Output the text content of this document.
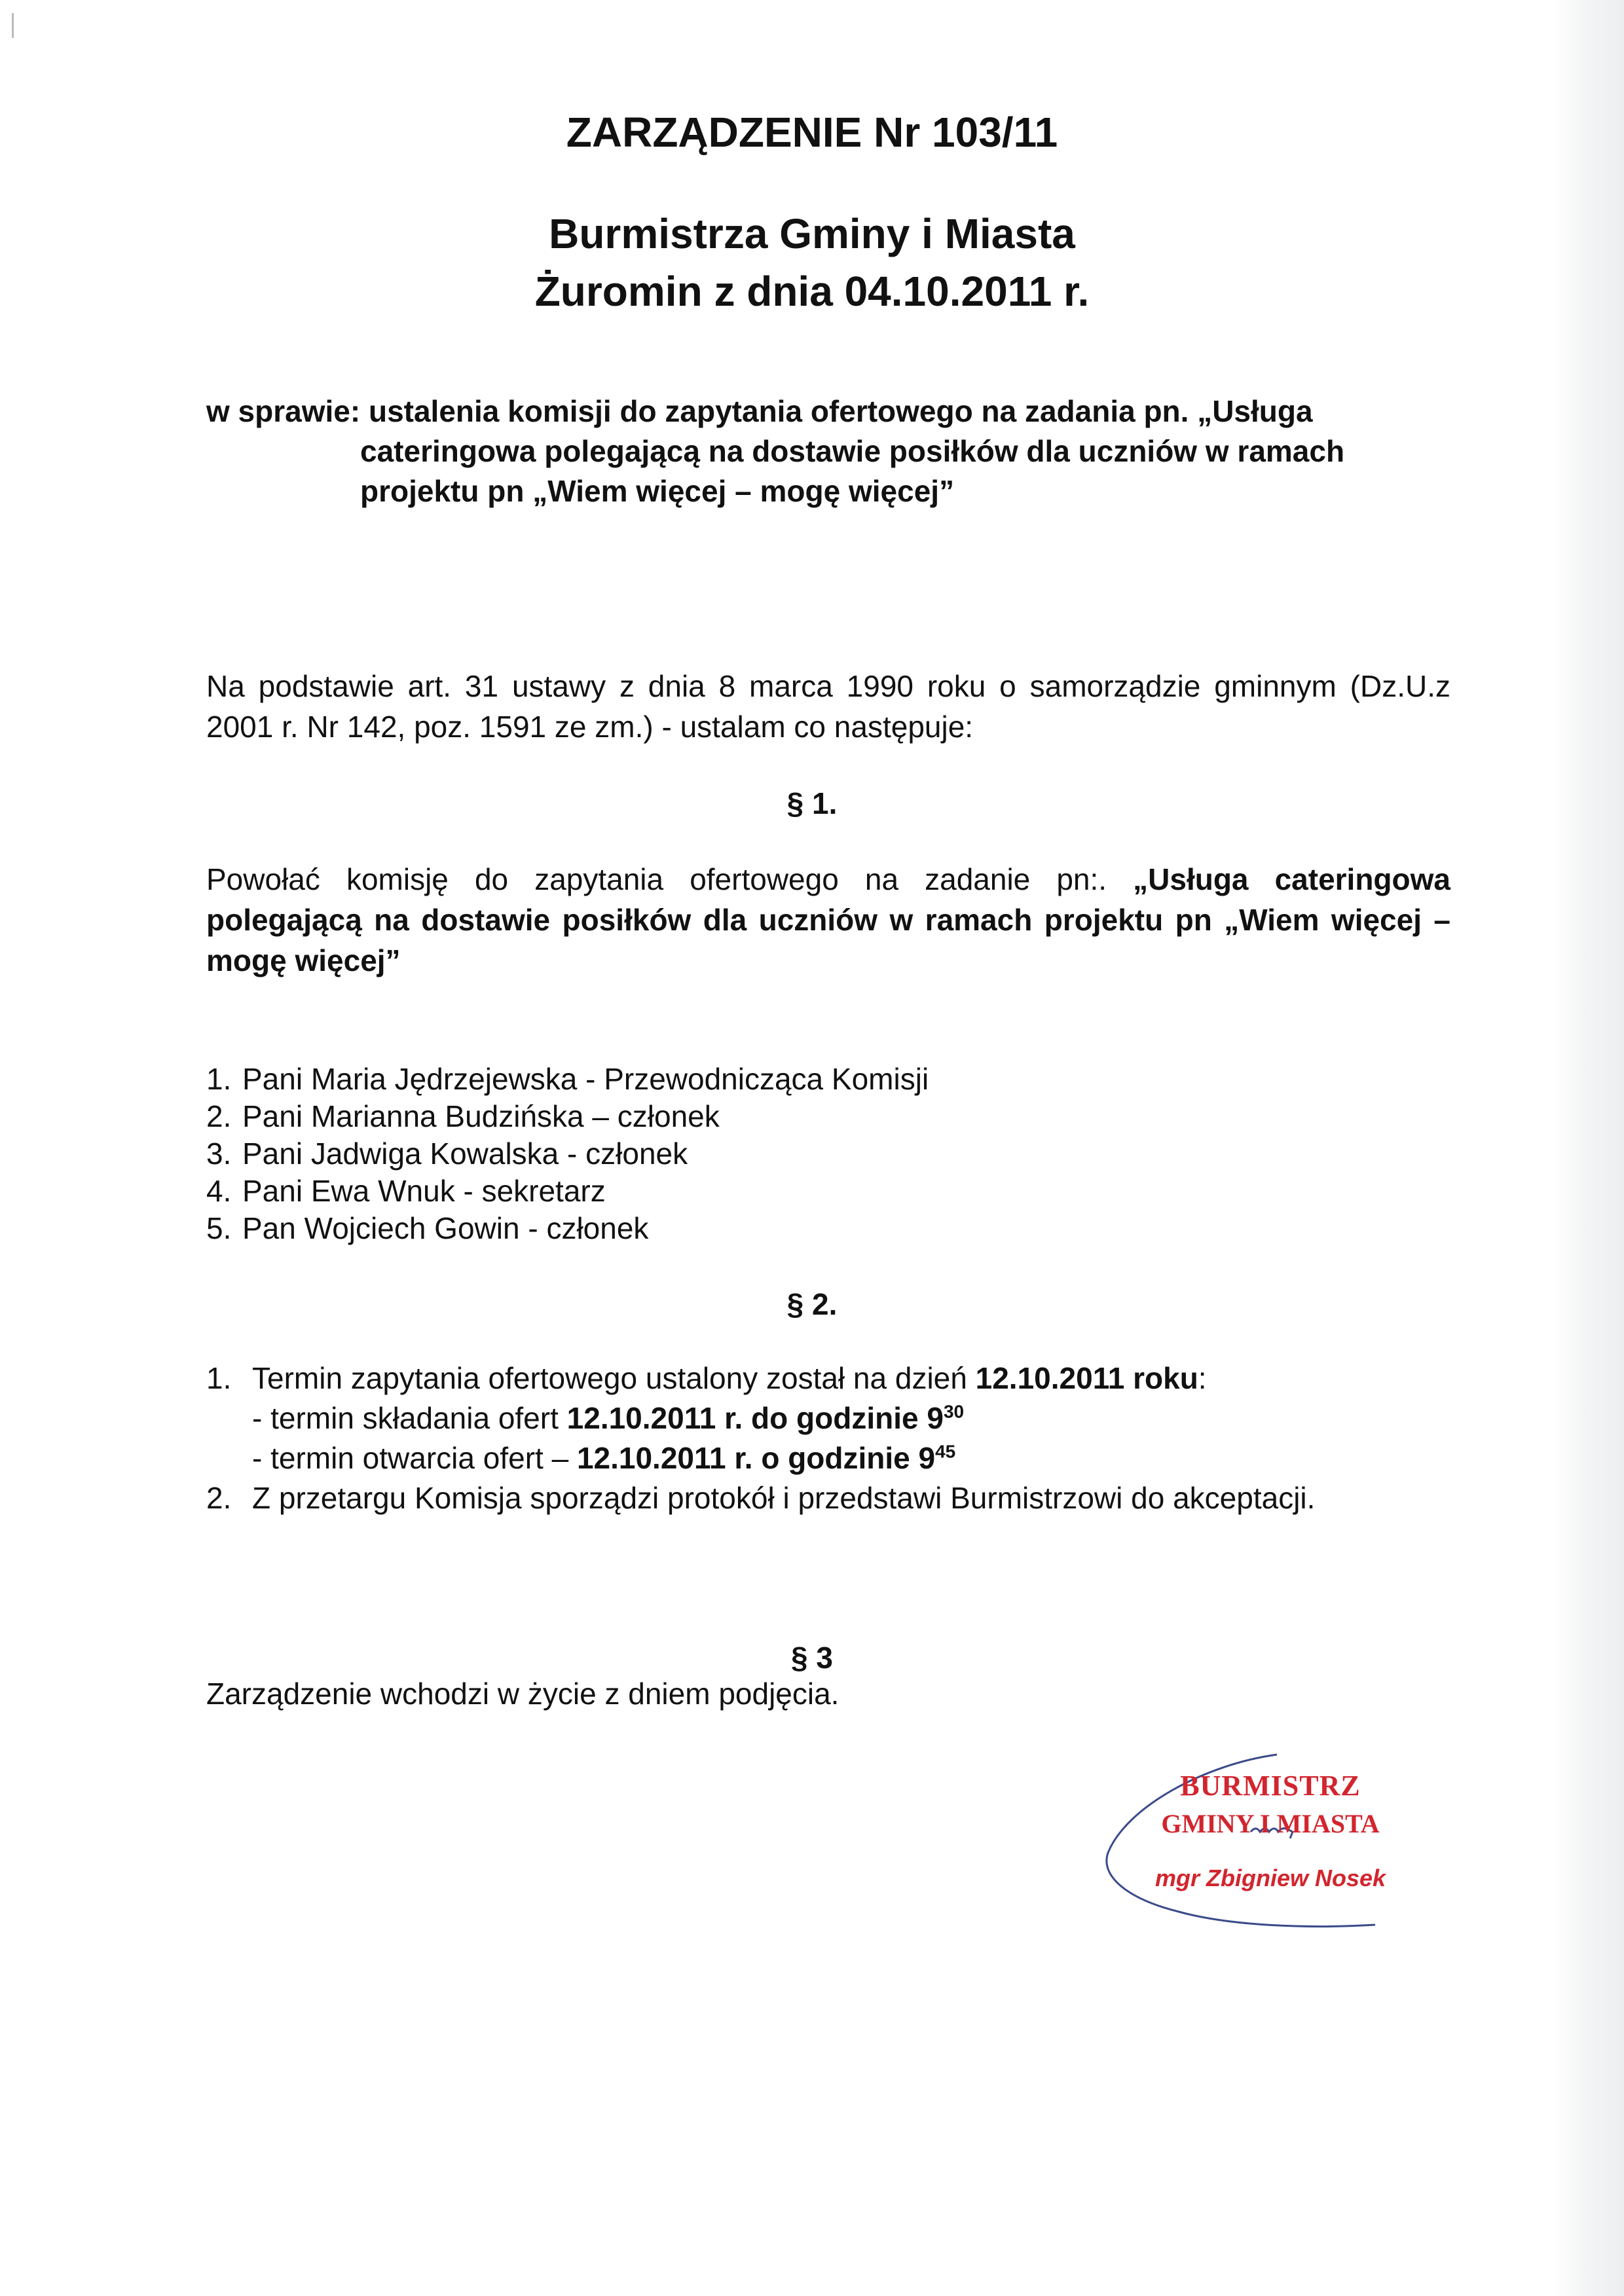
ZARZĄDZENIE Nr 103/11
Burmistrza Gminy i Miasta
Żuromin z dnia 04.10.2011 r.
w sprawie: ustalenia komisji do zapytania ofertowego na zadania pn. „Usługa
cateringowa polegającą na dostawie posiłków dla uczniów w ramach
projektu pn „Wiem więcej – mogę więcej”
Na podstawie art. 31 ustawy z dnia 8 marca 1990 roku o samorządzie gminnym (Dz.U.z 2001 r. Nr 142, poz. 1591 ze zm.) - ustalam co następuje:
§ 1.
Powołać komisję do zapytania ofertowego na zadanie pn:. „Usługa cateringowa polegającą na dostawie posiłków dla uczniów w ramach projektu pn „Wiem więcej – mogę więcej”
1. Pani Maria Jędrzejewska - Przewodnicząca Komisji
2. Pani Marianna Budzińska – członek
3. Pani Jadwiga Kowalska - członek
4. Pani Ewa Wnuk - sekretarz
5. Pan Wojciech Gowin - członek
§ 2.
1. Termin zapytania ofertowego ustalony został na dzień 12.10.2011 roku:
- termin składania ofert 12.10.2011 r. do godzinie $9^{30}$
- termin otwarcia ofert – 12.10.2011 r. o godzinie $9^{45}$
2. Z przetargu Komisja sporządzi protokół i przedstawi Burmistrzowi do akceptacji.
§ 3
Zarządzenie wchodzi w życie z dniem podjęcia.
BURMISTRZ
GMINY I MIASTA
mgr Zbigniew Nosek
